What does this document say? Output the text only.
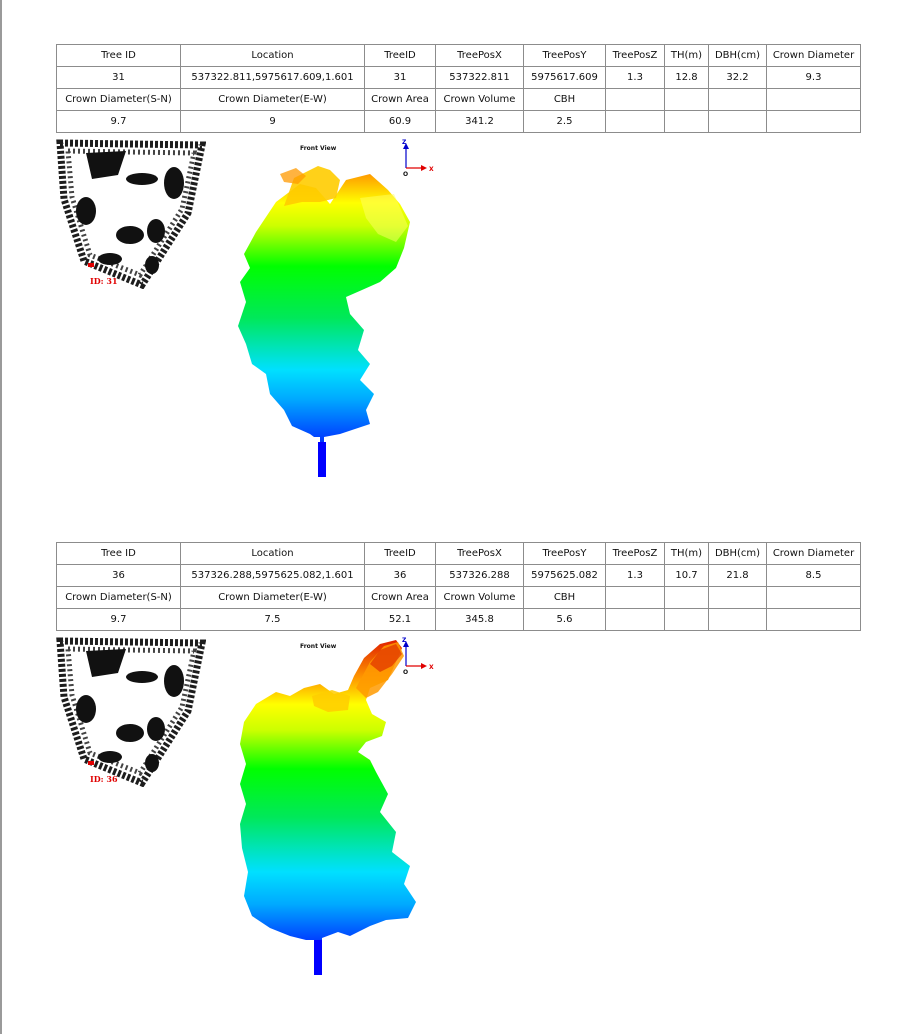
Tree ID	Location	TreeID	TreePosX	TreePosY	TreePosZ	TH(m)	DBH(cm)	Crown Diameter
31	537322.811,5975617.609,1.601	31	537322.811	5975617.609	1.3	12.8	32.2	9.3
Crown Diameter(S-N)	Crown Diameter(E-W)	Crown Area	Crown Volume	CBH				
9.7	9	60.9	341.2	2.5				
ID: 31
Front View
Z
X
O
Tree ID	Location	TreeID	TreePosX	TreePosY	TreePosZ	TH(m)	DBH(cm)	Crown Diameter
36	537326.288,5975625.082,1.601	36	537326.288	5975625.082	1.3	10.7	21.8	8.5
Crown Diameter(S-N)	Crown Diameter(E-W)	Crown Area	Crown Volume	CBH				
9.7	7.5	52.1	345.8	5.6				
ID: 36
Front View
Z
X
O
